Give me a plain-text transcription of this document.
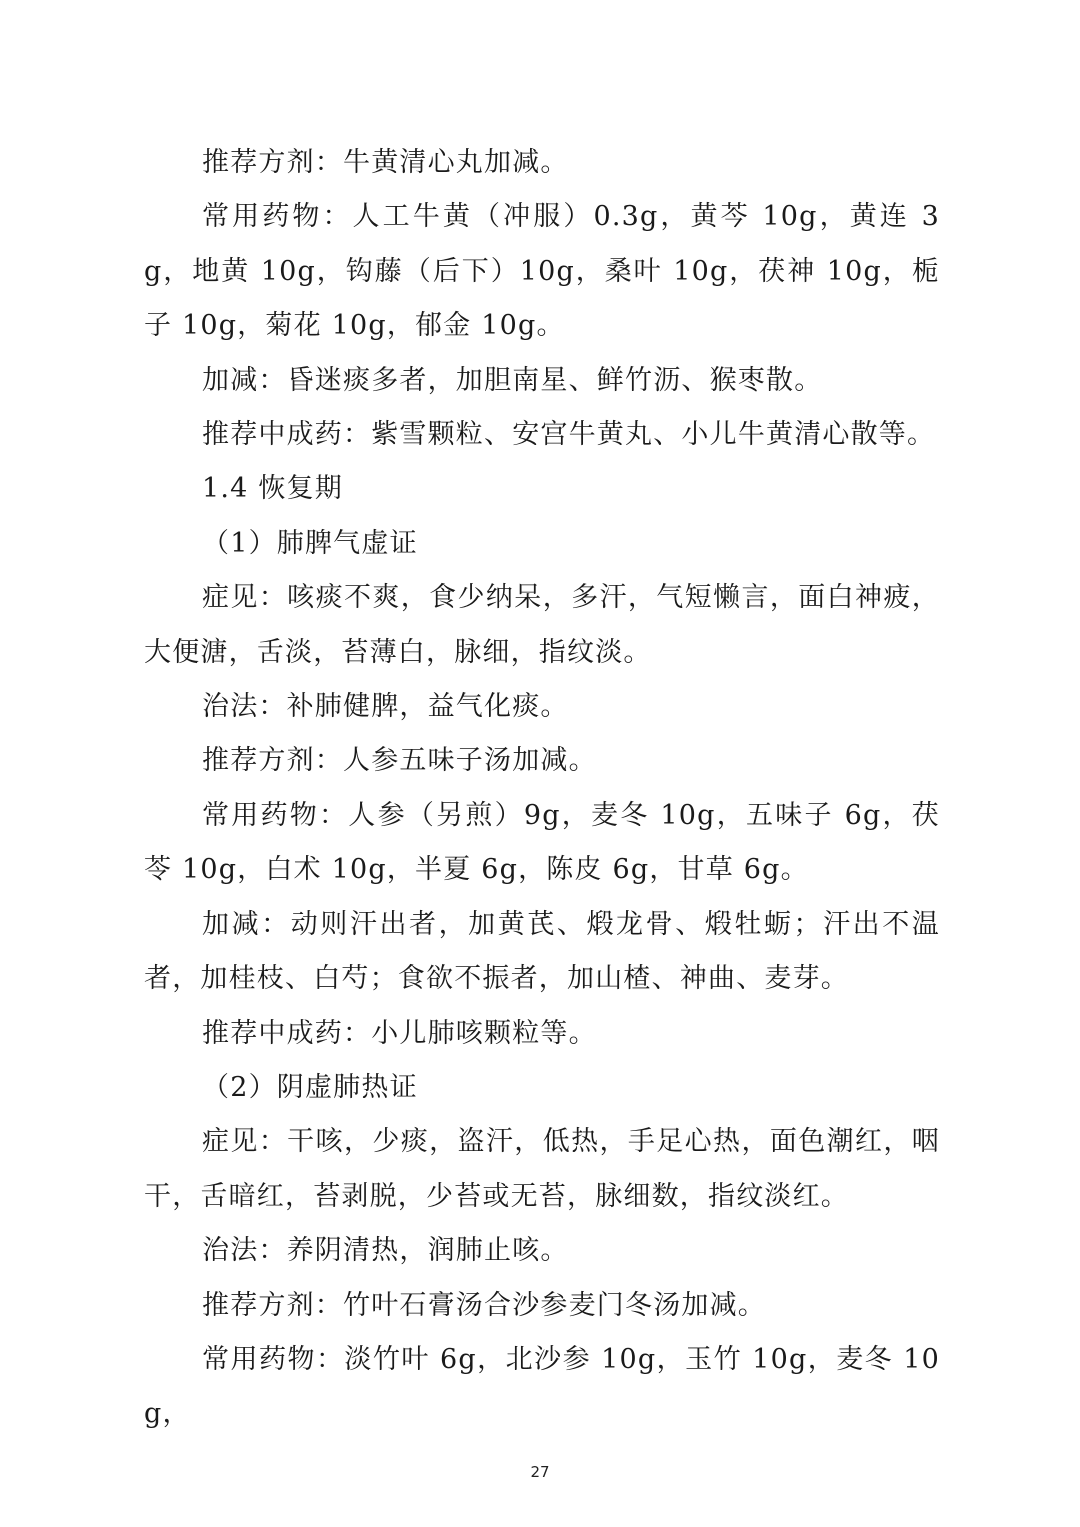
推荐方剂：牛黄清心丸加减。

常用药物：人工牛黄（冲服）0.3g，黄芩 10g，黄连 3g，地黄 10g，钩藤（后下）10g，桑叶 10g，茯神 10g，栀子 10g，菊花 10g，郁金 10g。

加减：昏迷痰多者，加胆南星、鲜竹沥、猴枣散。

推荐中成药：紫雪颗粒、安宫牛黄丸、小儿牛黄清心散等。

1.4 恢复期

（1）肺脾气虚证

症见：咳痰不爽，食少纳呆，多汗，气短懒言，面白神疲，大便溏，舌淡，苔薄白，脉细，指纹淡。

治法：补肺健脾，益气化痰。

推荐方剂：人参五味子汤加减。

常用药物：人参（另煎）9g，麦冬 10g，五味子 6g，茯苓 10g，白术 10g，半夏 6g，陈皮 6g，甘草 6g。

加减：动则汗出者，加黄芪、煅龙骨、煅牡蛎；汗出不温者，加桂枝、白芍；食欲不振者，加山楂、神曲、麦芽。

推荐中成药：小儿肺咳颗粒等。

（2）阴虚肺热证

症见：干咳，少痰，盗汗，低热，手足心热，面色潮红，咽干，舌暗红，苔剥脱，少苔或无苔，脉细数，指纹淡红。

治法：养阴清热，润肺止咳。

推荐方剂：竹叶石膏汤合沙参麦门冬汤加减。

常用药物：淡竹叶 6g，北沙参 10g，玉竹 10g，麦冬 10g，

27
